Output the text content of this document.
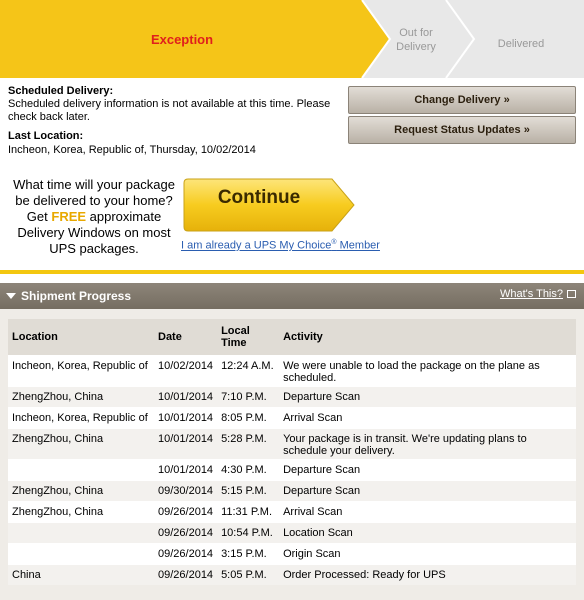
Exception	Out for
Delivery	Delivered
Scheduled Delivery:
Scheduled delivery information is not available at this time. Please check back later.
Last Location:
Incheon, Korea, Republic of, Thursday, 10/02/2014
Change Delivery »
Request Status Updates »
What time will your package
be delivered to your home?
Get FREE approximate
Delivery Windows on most
UPS packages.
Continue
I am already a UPS My Choice® Member
Shipment Progress	What's This?
Location	Date	Local
Time	Activity
Incheon, Korea, Republic of	10/02/2014	12:24 A.M.	We were unable to load the package on the plane as scheduled.
ZhengZhou, China	10/01/2014	7:10 P.M.	Departure Scan
Incheon, Korea, Republic of	10/01/2014	8:05 P.M.	Arrival Scan
ZhengZhou, China	10/01/2014	5:28 P.M.	Your package is in transit. We're updating plans to schedule your delivery.
	10/01/2014	4:30 P.M.	Departure Scan
ZhengZhou, China	09/30/2014	5:15 P.M.	Departure Scan
ZhengZhou, China	09/26/2014	11:31 P.M.	Arrival Scan
	09/26/2014	10:54 P.M.	Location Scan
	09/26/2014	3:15 P.M.	Origin Scan
China	09/26/2014	5:05 P.M.	Order Processed: Ready for UPS
